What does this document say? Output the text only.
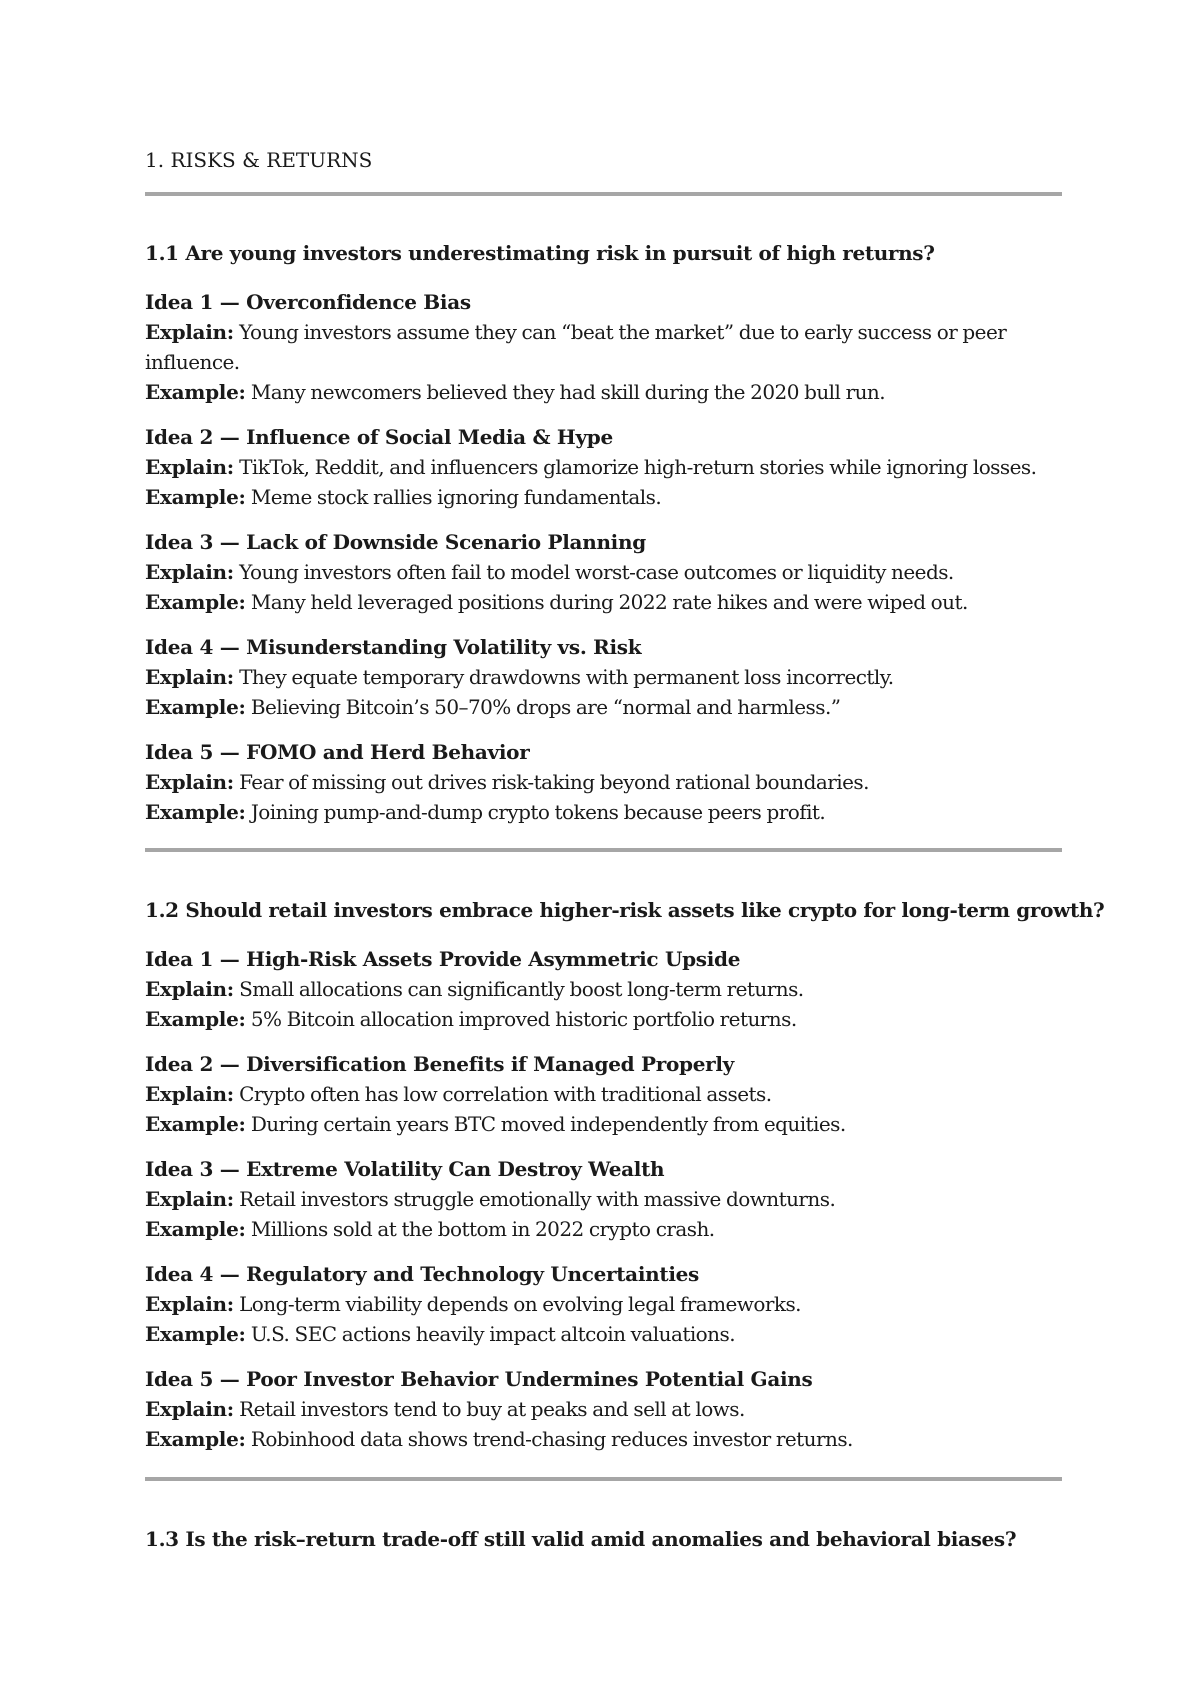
1. RISKS & RETURNS
1.1 Are young investors underestimating risk in pursuit of high returns?
Idea 1 — Overconfidence Bias
Explain: Young investors assume they can “beat the market” due to early success or peer influence.
Example: Many newcomers believed they had skill during the 2020 bull run.
Idea 2 — Influence of Social Media & Hype
Explain: TikTok, Reddit, and influencers glamorize high-return stories while ignoring losses.
Example: Meme stock rallies ignoring fundamentals.
Idea 3 — Lack of Downside Scenario Planning
Explain: Young investors often fail to model worst-case outcomes or liquidity needs.
Example: Many held leveraged positions during 2022 rate hikes and were wiped out.
Idea 4 — Misunderstanding Volatility vs. Risk
Explain: They equate temporary drawdowns with permanent loss incorrectly.
Example: Believing Bitcoin’s 50–70% drops are “normal and harmless.”
Idea 5 — FOMO and Herd Behavior
Explain: Fear of missing out drives risk-taking beyond rational boundaries.
Example: Joining pump-and-dump crypto tokens because peers profit.
1.2 Should retail investors embrace higher-risk assets like crypto for long-term growth?
Idea 1 — High-Risk Assets Provide Asymmetric Upside
Explain: Small allocations can significantly boost long-term returns.
Example: 5% Bitcoin allocation improved historic portfolio returns.
Idea 2 — Diversification Benefits if Managed Properly
Explain: Crypto often has low correlation with traditional assets.
Example: During certain years BTC moved independently from equities.
Idea 3 — Extreme Volatility Can Destroy Wealth
Explain: Retail investors struggle emotionally with massive downturns.
Example: Millions sold at the bottom in 2022 crypto crash.
Idea 4 — Regulatory and Technology Uncertainties
Explain: Long-term viability depends on evolving legal frameworks.
Example: U.S. SEC actions heavily impact altcoin valuations.
Idea 5 — Poor Investor Behavior Undermines Potential Gains
Explain: Retail investors tend to buy at peaks and sell at lows.
Example: Robinhood data shows trend-chasing reduces investor returns.
1.3 Is the risk–return trade-off still valid amid anomalies and behavioral biases?
